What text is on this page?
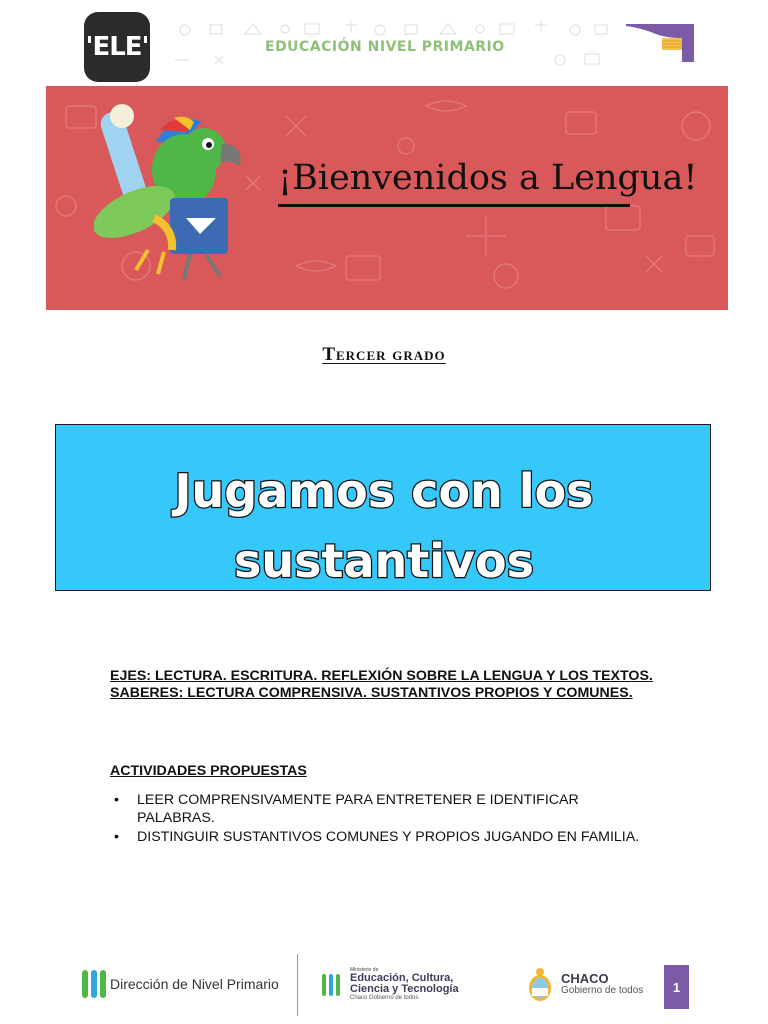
'ELE'	EDUCACIÓN NIVEL PRIMARIO
¡Bienvenidos a Lengua!
Tercer grado
Jugamos con los
sustantivos

EJES: LECTURA. ESCRITURA. REFLEXIÓN SOBRE LA LENGUA Y LOS TEXTOS.

SABERES: LECTURA COMPRENSIVA. SUSTANTIVOS PROPIOS Y COMUNES.

ACTIVIDADES PROPUESTAS
• LEER COMPRENSIVAMENTE PARA ENTRETENER E IDENTIFICAR PALABRAS.
• DISTINGUIR SUSTANTIVOS COMUNES Y PROPIOS JUGANDO EN FAMILIA.
Dirección de Nivel Primario
Ministerio de
Educación, Cultura,
Ciencia y Tecnología
Chaco Gobierno de todos
CHACO
Gobierno de todos	1
